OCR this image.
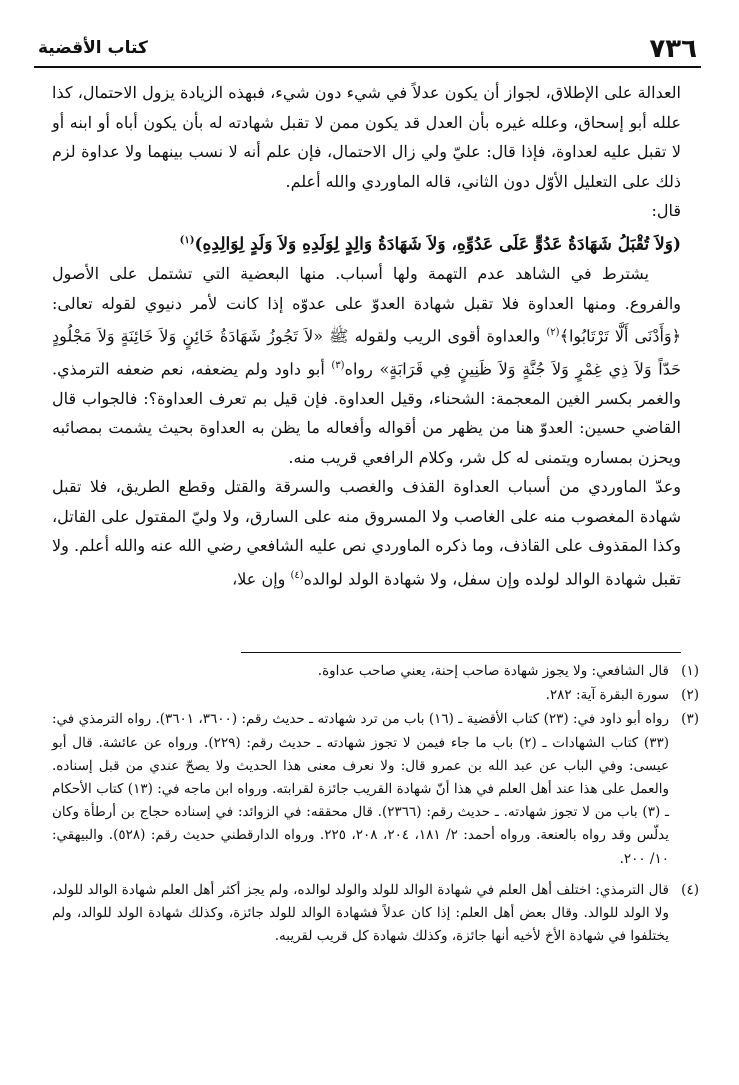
٧٣٦
كتاب الأقضية

العدالة على الإطلاق، لجواز أن يكون عدلاً في شيء دون شيء، فبهذه الزيادة يزول الاحتمال، كذا علله أبو إسحاق، وعلله غيره بأن العدل قد يكون ممن لا تقبل شهادته له بأن يكون أباه أو ابنه أو لا تقبل عليه لعداوة، فإذا قال: عليّ ولي زال الاحتمال، فإن علم أنه لا نسب بينهما ولا عداوة لزم ذلك على التعليل الأوّل دون الثاني، قاله الماوردي والله أعلم.

قال:

(وَلاَ تُقْبَلُ شَهَادَةُ عَدُوٍّ عَلَى عَدُوِّهِ، وَلاَ شَهَادَةُ وَالِدٍ لِوَلَدِهِ وَلاَ وَلَدٍ لِوَالِدِهِ)$^{(١)}$

يشترط في الشاهد عدم التهمة ولها أسباب. منها البعضية التي تشتمل على الأصول والفروع. ومنها العداوة فلا تقبل شهادة العدوّ على عدوّه إذا كانت لأمر دنيوي لقوله تعالى: ﴿وَأَدْنَى أَلَّا تَرْتَابُوا﴾$^{(٢)}$ والعداوة أقوى الريب ولقوله ﷺ «لاَ تَجُوزُ شَهَادَةُ خَائِنٍ وَلاَ خَائِنَةٍ وَلاَ مَجْلُودٍ حَدّاً وَلاَ ذِي غِمْرٍ وَلاَ جُنَّةٍ وَلاَ ظَنِينٍ فِي قَرَابَةٍ» رواه$^{(٣)}$ أبو داود ولم يضعفه، نعم ضعفه الترمذي. والغمر بكسر الغين المعجمة: الشحناء، وقيل العداوة. فإن قيل بم تعرف العداوة؟: فالجواب قال القاضي حسين: العدوّ هنا من يظهر من أقواله وأفعاله ما يظن به العداوة بحيث يشمت بمصائبه ويحزن بمساره ويتمنى له كل شر، وكلام الرافعي قريب منه.

وعدّ الماوردي من أسباب العداوة القذف والغصب والسرقة والقتل وقطع الطريق، فلا تقبل شهادة المغصوب منه على الغاصب ولا المسروق منه على السارق، ولا وليّ المقتول على القاتل، وكذا المقذوف على القاذف، وما ذكره الماوردي نص عليه الشافعي رضي الله عنه والله أعلم. ولا تقبل شهادة الوالد لولده وإن سفل، ولا شهادة الولد لوالده$^{(٤)}$ وإن علا،

(١)
قال الشافعي: ولا يجوز شهادة صاحب إحنة، يعني صاحب عداوة.

(٢)
سورة البقرة آية: ٢٨٢.

(٣)
رواه أبو داود في: (٢٣) كتاب الأقضية ـ (١٦) باب من ترد شهادته ـ حديث رقم: (٣٦٠٠، ٣٦٠١). رواه الترمذي في: (٣٣) كتاب الشهادات ـ (٢) باب ما جاء فيمن لا تجوز شهادته ـ حديث رقم: (٢٢٩). ورواه عن عائشة. قال أبو عيسى: وفي الباب عن عبد الله بن عمرو قال: ولا نعرف معنى هذا الحديث ولا يصحّ عندي من قبل إسناده. والعمل على هذا عند أهل العلم في هذا أنّ شهادة القريب جائزة لقرابته. ورواه ابن ماجه في: (١٣) كتاب الأحكام ـ (٣) باب من لا تجوز شهادته. ـ حديث رقم: (٢٣٦٦). قال محققه: في الزوائد: في إسناده حجاج بن أرطأة وكان يدلّس وقد رواه بالعنعة. ورواه أحمد: ٢/ ١٨١، ٢٠٤، ٢٠٨، ٢٢٥. ورواه الدارقطني حديث رقم: (٥٢٨). والبيهقي: ١٠/ ٢٠٠.

(٤)
قال الترمذي: اختلف أهل العلم في شهادة الوالد للولد والولد لوالده، ولم يجز أكثر أهل العلم شهادة الوالد للولد، ولا الولد للوالد. وقال بعض أهل العلم: إذا كان عدلاً فشهادة الوالد للولد جائزة، وكذلك شهادة الولد للوالد، ولم يختلفوا في شهادة الأخ لأخيه أنها جائزة، وكذلك شهادة كل قريب لقريبه.
